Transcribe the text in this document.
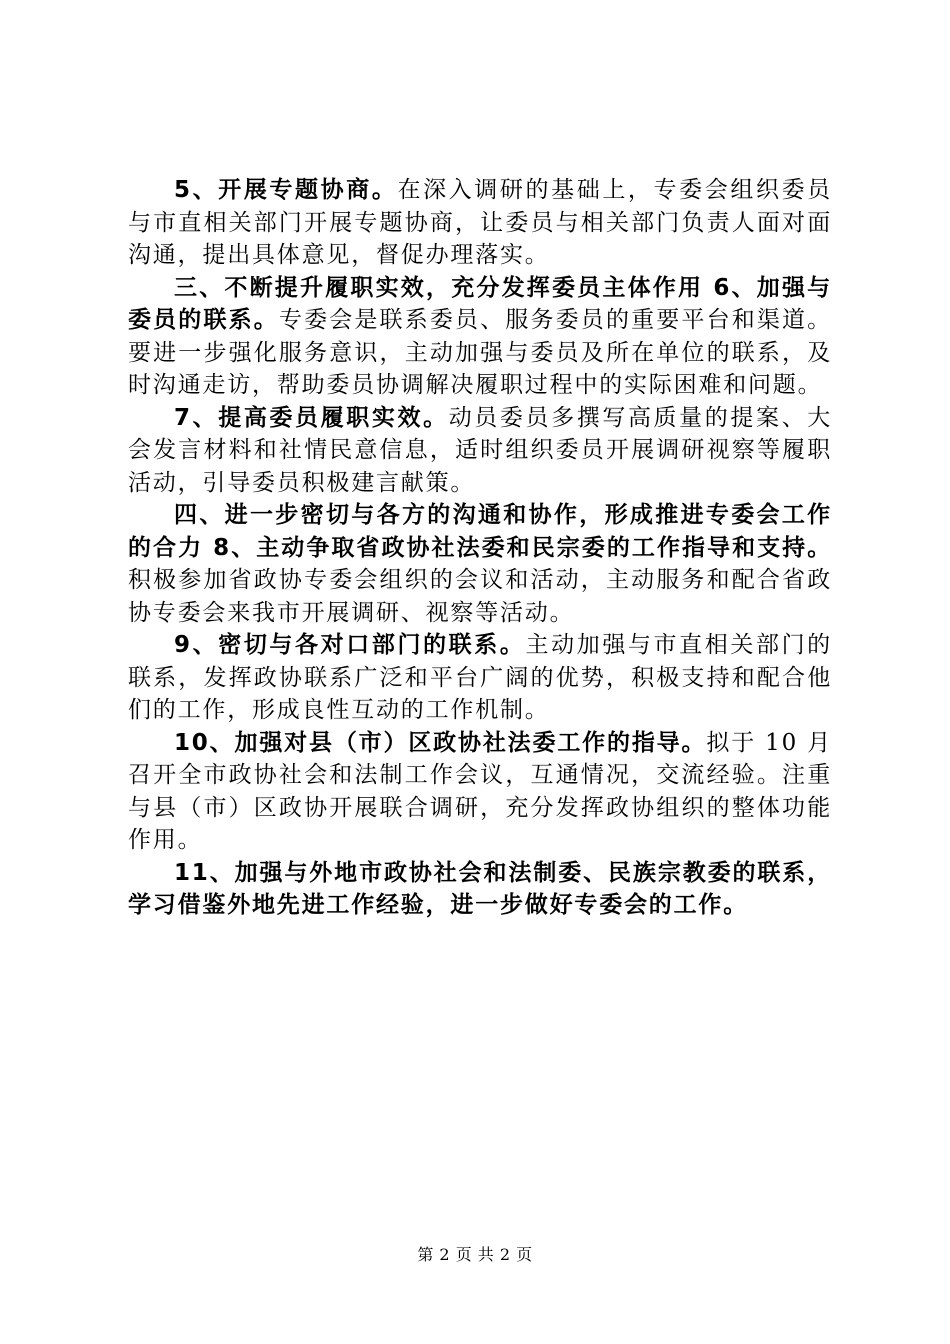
5、开展专题协商。在深入调研的基础上，专委会组织委员与市直相关部门开展专题协商，让委员与相关部门负责人面对面沟通，提出具体意见，督促办理落实。

三、不断提升履职实效，充分发挥委员主体作用 6、加强与委员的联系。专委会是联系委员、服务委员的重要平台和渠道。要进一步强化服务意识，主动加强与委员及所在单位的联系，及时沟通走访，帮助委员协调解决履职过程中的实际困难和问题。

7、提高委员履职实效。动员委员多撰写高质量的提案、大会发言材料和社情民意信息，适时组织委员开展调研视察等履职活动，引导委员积极建言献策。

四、进一步密切与各方的沟通和协作，形成推进专委会工作的合力 8、主动争取省政协社法委和民宗委的工作指导和支持。积极参加省政协专委会组织的会议和活动，主动服务和配合省政协专委会来我市开展调研、视察等活动。

9、密切与各对口部门的联系。主动加强与市直相关部门的联系，发挥政协联系广泛和平台广阔的优势，积极支持和配合他们的工作，形成良性互动的工作机制。

10、加强对县（市）区政协社法委工作的指导。拟于 10 月召开全市政协社会和法制工作会议，互通情况，交流经验。注重与县（市）区政协开展联合调研，充分发挥政协组织的整体功能作用。

11、加强与外地市政协社会和法制委、民族宗教委的联系，学习借鉴外地先进工作经验，进一步做好专委会的工作。

第 2 页 共 2 页
